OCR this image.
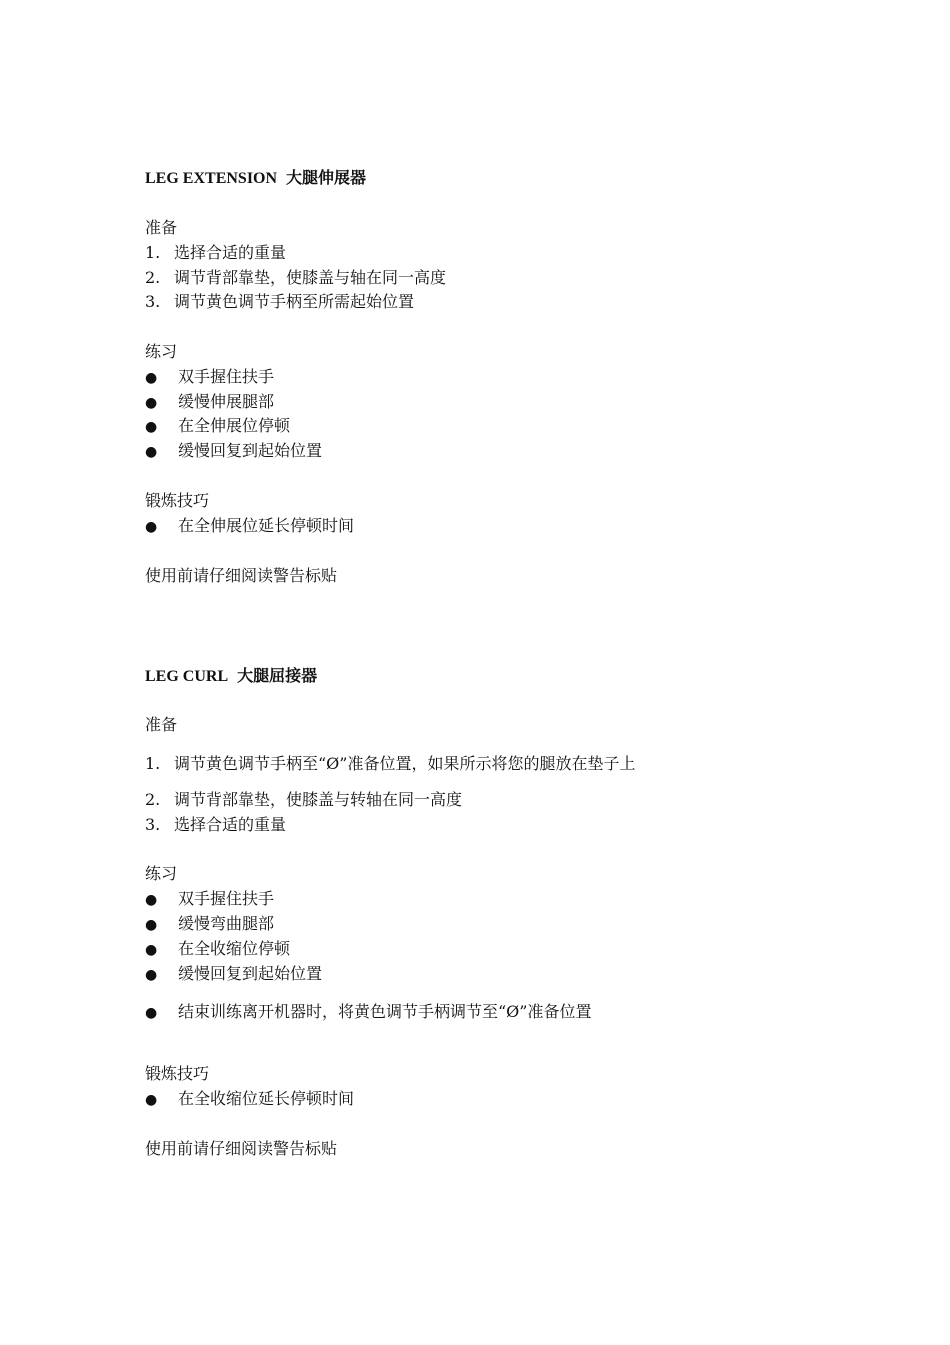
LEG EXTENSION 大腿伸展器
准备
1. 选择合适的重量
2. 调节背部靠垫，使膝盖与轴在同一高度
3. 调节黄色调节手柄至所需起始位置
练习
● 双手握住扶手
● 缓慢伸展腿部
● 在全伸展位停顿
● 缓慢回复到起始位置
锻炼技巧
● 在全伸展位延长停顿时间
使用前请仔细阅读警告标贴
LEG CURL 大腿屈接器
准备
1. 调节黄色调节手柄至“Ø”准备位置，如果所示将您的腿放在垫子上
2. 调节背部靠垫，使膝盖与转轴在同一高度
3. 选择合适的重量
练习
● 双手握住扶手
● 缓慢弯曲腿部
● 在全收缩位停顿
● 缓慢回复到起始位置
● 结束训练离开机器时，将黄色调节手柄调节至“Ø”准备位置
锻炼技巧
● 在全收缩位延长停顿时间
使用前请仔细阅读警告标贴
